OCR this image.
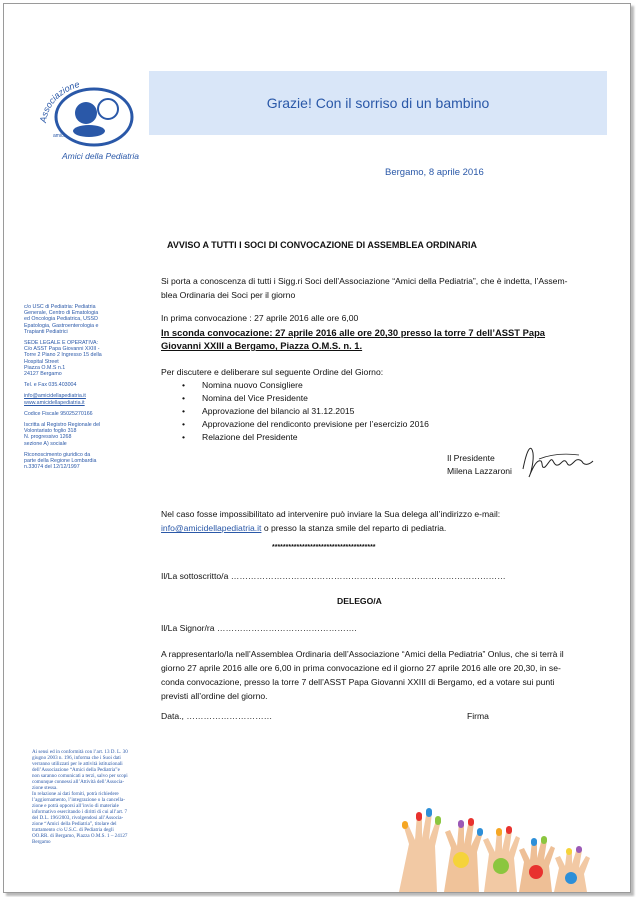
Associazione
amici
Amici della Pediatria
Grazie! Con il sorriso di un bambino
Bergamo, 8 aprile 2016
AVVISO A TUTTI I SOCI DI CONVOCAZIONE DI ASSEMBLEA ORDINARIA
Si porta a conoscenza di tutti i Sigg.ri Soci dell’Associazione “Amici della Pediatria”, che è indetta, l’Assem-
blea Ordinaria dei Soci per il giorno
In prima convocazione : 27 aprile 2016 alle ore 6,00
In sconda convocazione: 27 aprile 2016 alle ore 20,30 presso la torre 7 dell’ASST Papa
Giovanni XXIII a Bergamo, Piazza O.M.S. n. 1.
Per discutere e deliberare sul seguente Ordine del Giorno:
• Nomina nuovo Consigliere
• Nomina del Vice Presidente
• Approvazione del bilancio al 31.12.2015
• Approvazione del rendiconto previsione per l’esercizio 2016
• Relazione del Presidente
Il Presidente
Milena Lazzaroni
Nel caso fosse impossibilitato ad intervenire può inviare la Sua delega all’indirizzo e-mail:
info@amicidellapediatria.it o presso la stanza smile del reparto di pediatria.
**************************************
Il/La sottoscritto/a ……………………………………………………………………………………
DELEGO/A
Il/La Signor/ra ………………………………………….
A rappresentarlo/la nell’Assemblea Ordinaria dell’Associazione “Amici della Pediatria” Onlus, che si terrà il
giorno 27 aprile 2016 alle ore 6,00 in prima convocazione ed il giorno 27 aprile 2016 alle ore 20,30, in se-
conda convocazione, presso la torre 7 dell’ASST Papa Giovanni XXIII di Bergamo, ed a votare sui punti
previsti all’ordine del giorno.
Data., …………………………	Firma

c/o USC di Pediatria: Pediatria
Generale, Centro di Ematologia
ed Oncologia Pediatrica, USSD
Epatologia, Gastroenterologia e
Trapianti Pediatrici

SEDE LEGALE E OPERATIVA:
C/o ASST Papa Giovanni XXIII -
Torre 2 Piano 2 Ingresso 15 della
Hospital Street
Piazza O.M.S n.1
24127 Bergamo

Tel. e Fax 035.403004

info@amicidellapediatria.it
www.amicidellapediatria.it

Codice Fiscale 95025270166

Iscritta al Registro Regionale del
Volontariato foglio 318
N. progressivo 1268
sezione A) sociale

Riconoscimento giuridico da
parte della Regione Lombardia
n.33074 del 12/12/1997

Ai sensi ed in conformità con l’art. 13 D. L. 30
giugno 2003 n. 196, informa che i Suoi dati
verranno utilizzati per le attività istituzionali
dell’Associazione “Amici della Pediatria”e
non saranno comunicati a terzi, salvo per scopi
comunque connessi all’Attività dell’Associa-
zione stessa.
In relazione ai dati forniti, potrà richiedere
l’aggiornamento, l’integrazione o la cancella-
zione e potrà opporsi all’invio di materiale
informativo esercitando i diritti di cui all’art. 7
del D.L. 196/2003, rivolgendosi all’Associa-
zione “Amici della Pediatria”, titolare del
trattamento c/o U.S.C. di Pediatria degli
OO.RR. di Bergamo, Piazza O.M.S. 1 – 24127
Bergamo
